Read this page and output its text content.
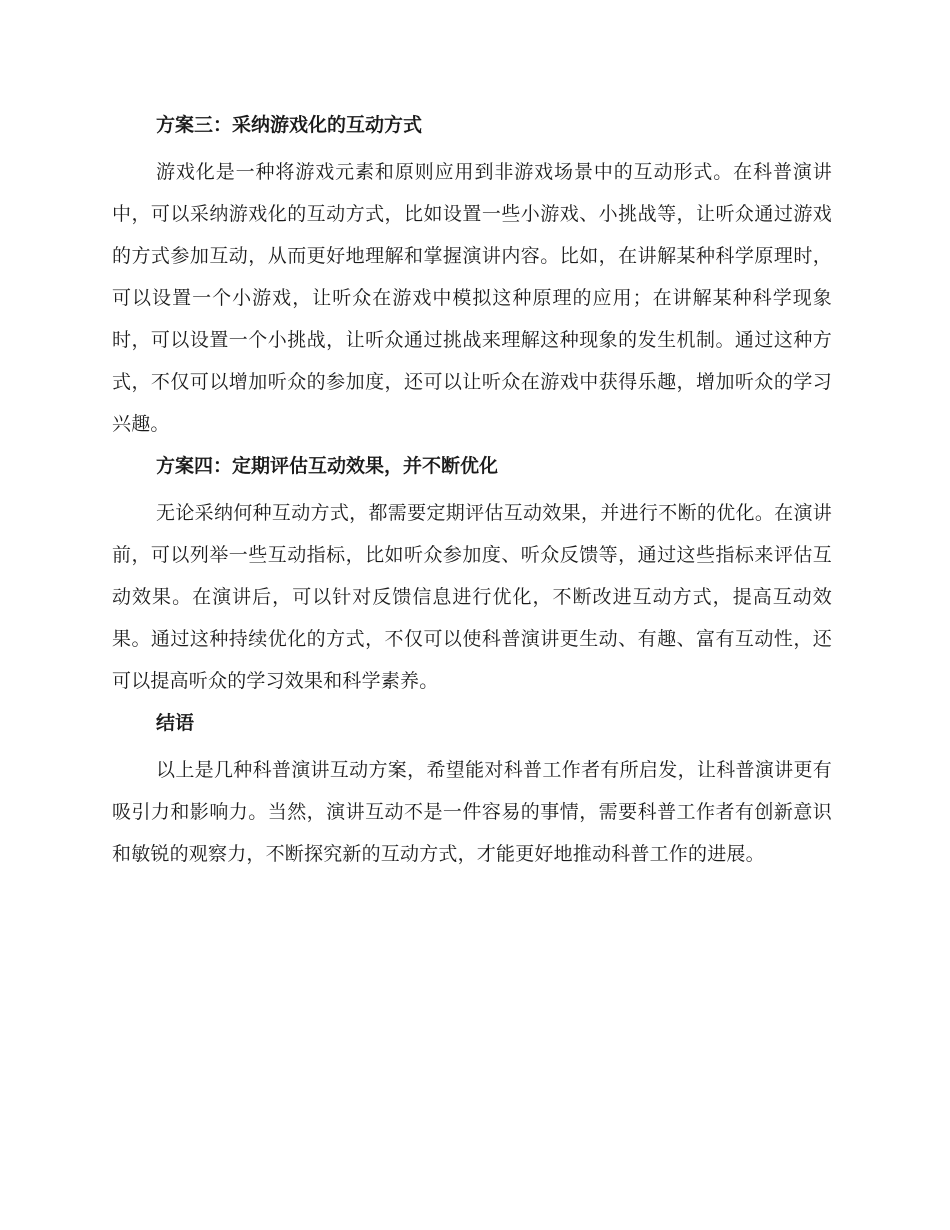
方案三：采纳游戏化的互动方式

游戏化是一种将游戏元素和原则应用到非游戏场景中的互动形式。在科普演讲中，可以采纳游戏化的互动方式，比如设置一些小游戏、小挑战等，让听众通过游戏的方式参加互动，从而更好地理解和掌握演讲内容。比如，在讲解某种科学原理时，可以设置一个小游戏，让听众在游戏中模拟这种原理的应用；在讲解某种科学现象时，可以设置一个小挑战，让听众通过挑战来理解这种现象的发生机制。通过这种方式，不仅可以增加听众的参加度，还可以让听众在游戏中获得乐趣，增加听众的学习兴趣。

方案四：定期评估互动效果，并不断优化

无论采纳何种互动方式，都需要定期评估互动效果，并进行不断的优化。在演讲前，可以列举一些互动指标，比如听众参加度、听众反馈等，通过这些指标来评估互动效果。在演讲后，可以针对反馈信息进行优化，不断改进互动方式，提高互动效果。通过这种持续优化的方式，不仅可以使科普演讲更生动、有趣、富有互动性，还可以提高听众的学习效果和科学素养。

结语

以上是几种科普演讲互动方案，希望能对科普工作者有所启发，让科普演讲更有吸引力和影响力。当然，演讲互动不是一件容易的事情，需要科普工作者有创新意识和敏锐的观察力，不断探究新的互动方式，才能更好地推动科普工作的进展。
